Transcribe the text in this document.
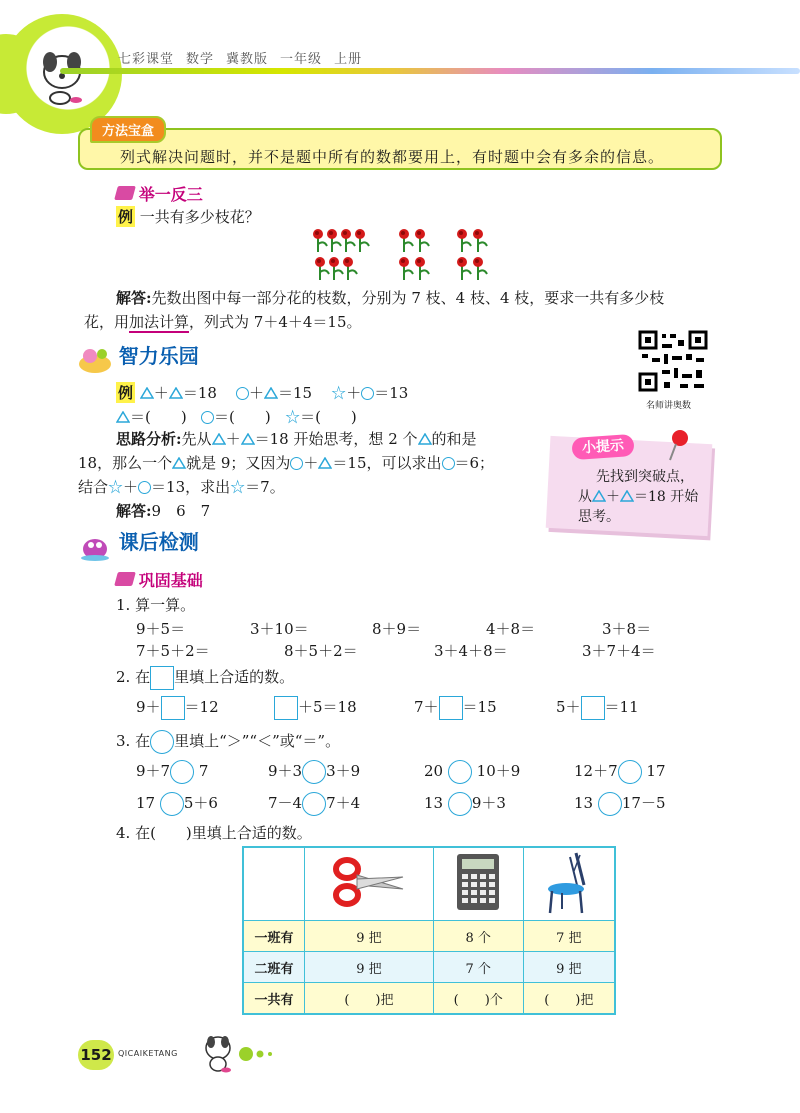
七彩课堂 数学 冀教版 一年级 上册
方法宝盒
列式解决问题时，并不是题中所有的数都要用上，有时题中会有多余的信息。
举一反三
例 一共有多少枝花？
解答:先数出图中每一部分花的枝数，分别为 7 枝、4 枝、4 枝，要求一共有多少枝
花，用加法计算，列式为 7＋4＋4＝15。
智力乐园
名师讲奥数
例 ＋ ＝18 ＋ ＝15 ☆＋ ＝13
＝(　　) ＝(　　) ☆＝(　　)
思路分析:先从 ＋ ＝18 开始思考，想 2 个 的和是
18，那么一个 就是 9；又因为 ＋ ＝15，可以求出 ＝6；
结合☆＋ ＝13，求出☆＝7。
解答:9　6　7
小提示
先找到突破点，
从 ＋ ＝18 开始
思考。
课后检测
巩固基础
1. 算一算。
9＋5＝	3＋10＝	8＋9＝	4＋8＝	3＋8＝
7＋5＋2＝	8＋5＋2＝	3＋4＋8＝	3＋7＋4＝
2. 在 里填上合适的数。
9＋ ＝12	＋5＝18	7＋ ＝15	5＋ ＝11
3. 在 里填上“＞”“＜”或“＝”。
9＋7 7	9＋3 3＋9	20 10＋9	12＋7 17
17 5＋6	7－4 7＋4	13 9＋3	13 17－5
4. 在(　　)里填上合适的数。

一班有	9 把	8 个	7 把
二班有	9 把	7 个	9 把
一共有	(　　)把	(　　)个	(　　)把
152 QICAIKETANG
